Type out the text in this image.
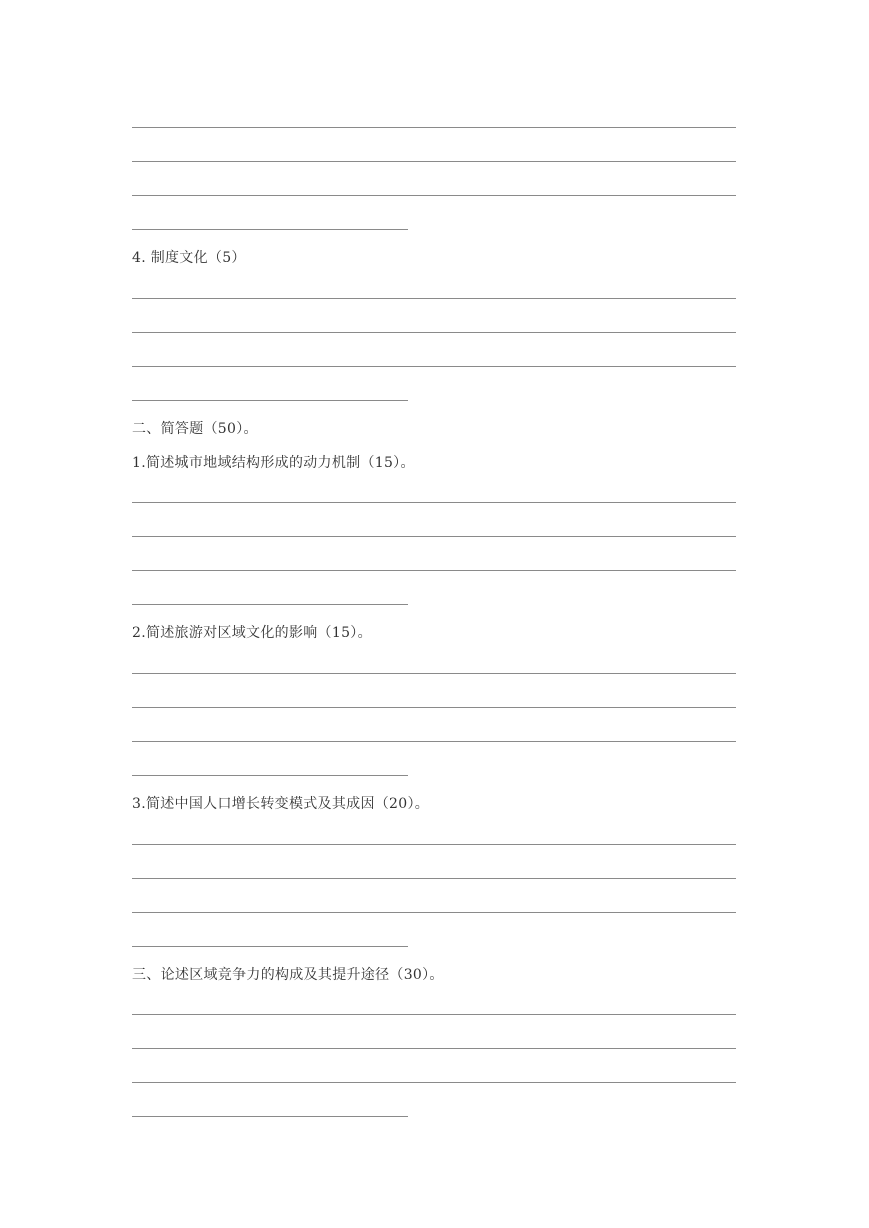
4. 制度文化（5）
二、简答题（50）。
1.简述城市地域结构形成的动力机制（15）。
2.简述旅游对区域文化的影响（15）。
3.简述中国人口增长转变模式及其成因（20）。
三、论述区域竞争力的构成及其提升途径（30）。
